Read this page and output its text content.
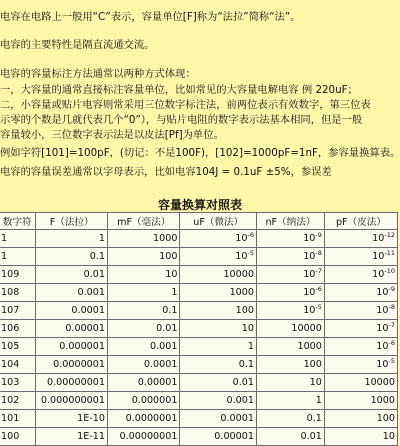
电容在电路上一般用“C”表示，容量单位[F]称为“法拉”简称“法”。
电容的主要特性是隔直流通交流。
电容的容量标注方法通常以两种方式体现：
一，大容量的通常直接标注容量单位，比如常见的大容量电解电容 例 220uF；
二，小容量或贴片电容则常采用三位数字标注法，前两位表示有效数字，第三位表
示零的个数是几就代表几个“0”），与贴片电阻的数字表示法基本相同，但是一般
容量较小，三位数字表示法是以皮法[Pf]为单位。
例如字符[101]=100pF，(切记：不是100F)，[102]=1000pF=1nF，参容量换算表。
电容的容量误差通常以字母表示，比如电容104J = 0.1uF ±5%，参误差
容量换算对照表
数字符	F（法拉）	mF（毫法）	uF（微法）	nF（纳法）	pF（皮法）
1	1	1000	$10^{-6}$	$10^{-9}$	$10^{-12}$
1	0.1	100	$10^{-5}$	$10^{-8}$	$10^{-11}$
109	0.01	10	10000	$10^{-7}$	$10^{-10}$
108	0.001	1	1000	$10^{-6}$	$10^{-9}$
107	0.0001	0.1	100	$10^{-5}$	$10^{-8}$
106	0.00001	0.01	10	10000	$10^{-7}$
105	0.000001	0.001	1	1000	$10^{-6}$
104	0.0000001	0.0001	0.1	100	$10^{-5}$
103	0.00000001	0.00001	0.01	10	10000
102	0.000000001	0.000001	0.001	1	1000
101	1E-10	0.0000001	0.0001	0.1	100
100	1E-11	0.00000001	0.00001	0.01	10
